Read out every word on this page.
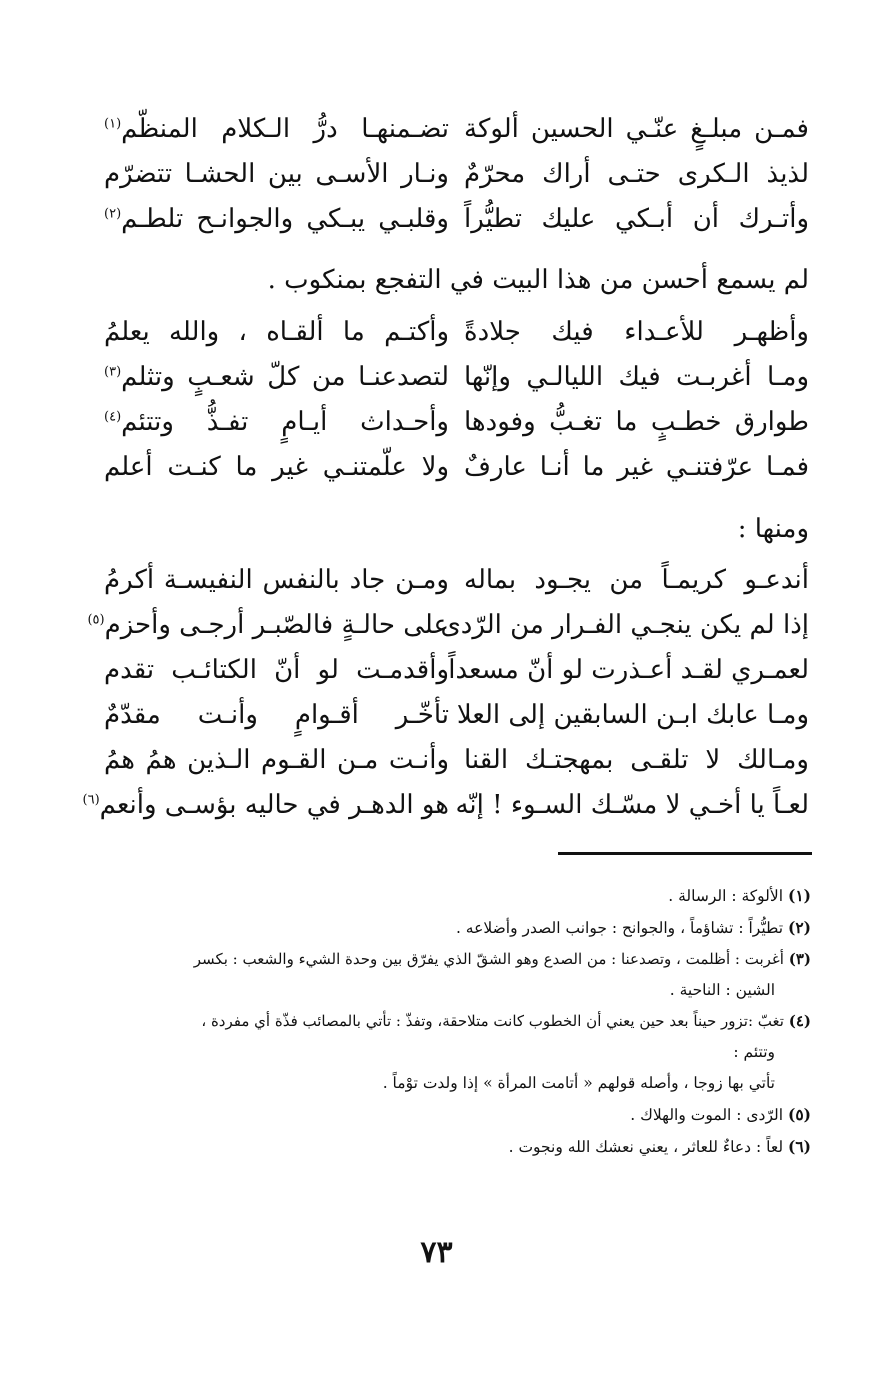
فمـن مبلـغٍ عنّـي الحسين ألوكة
تضـمنهـا درُّ الـكلام المنظّم$^{(١)}$
لذيذ الـكرى حتـى أراك محرّمٌ
ونـار الأسـى بين الحشـا تتضرّم
وأتـرك أن أبـكي عليك تطيُّراً
وقلبـي يبـكي والجوانـح تلطـم$^{(٢)}$
لم يسمع أحسن من هذا البيت في التفجع بمنكوب .
وأظهـر للأعـداء فيك جلادةً
وأكتـم ما ألقـاه ، والله يعلمُ
ومـا أغربـت فيك الليالـي وإنّها
لتصدعنـا من كلّ شعـبٍ وتثلم$^{(٣)}$
طوارق خطـبٍ ما تغـبُّ وفودها
وأحـداث أيـامٍ تفـذُّ وتتئم$^{(٤)}$
فمـا عرّفتنـي غير ما أنـا عارفٌ
ولا علّمتنـي غير ما كنـت أعلم
ومنها :
أندعـو كريمـاً من يجـود بماله
ومـن جاد بالنفس النفيسـة أكرمُ
إذا لم يكن ينجـي الفـرار من الرّدى
على حالـةٍ فالصّبـر أرجـى وأحزم$^{(٥)}$
لعمـري لقـد أعـذرت لو أنّ مسعداً
وأقدمـت لو أنّ الكتائـب تقدم
ومـا عابك ابـن السابقين إلى العلا
تأخّـر أقـوامٍ وأنـت مقدّمٌ
ومـالك لا تلقـى بمهجتـك القنا
وأنـت مـن القـوم الـذين همُ همُ
لعـاً يا أخـي لا مسّـك السـوء ! إنّه
هو الدهـر في حاليه بؤسـى وأنعم$^{(٦)}$
(١) الألوكة : الرسالة .
(٢) تطيُّراً : تشاؤماً ، والجوانح : جوانب الصدر وأضلاعه .
(٣) أغربت : أظلمت ، وتصدعنا : من الصدع وهو الشقّ الذي يفرّق بين وحدة الشيء والشعب : بكسر
الشين : الناحية .
(٤) تغبّ :تزور حيناً بعد حين يعني أن الخطوب كانت متلاحقة، وتفذّ : تأتي بالمصائب فذّة أي مفردة ،
وتتئم :
تأتي بها زوجا ، وأصله قولهم « أتامت المرأة » إذا ولدت توْماً .
(٥) الرّدى : الموت والهلاك .
(٦) لعاً : دعاءٌ للعاثر ، يعني نعشك الله ونجوت .
٧٣
